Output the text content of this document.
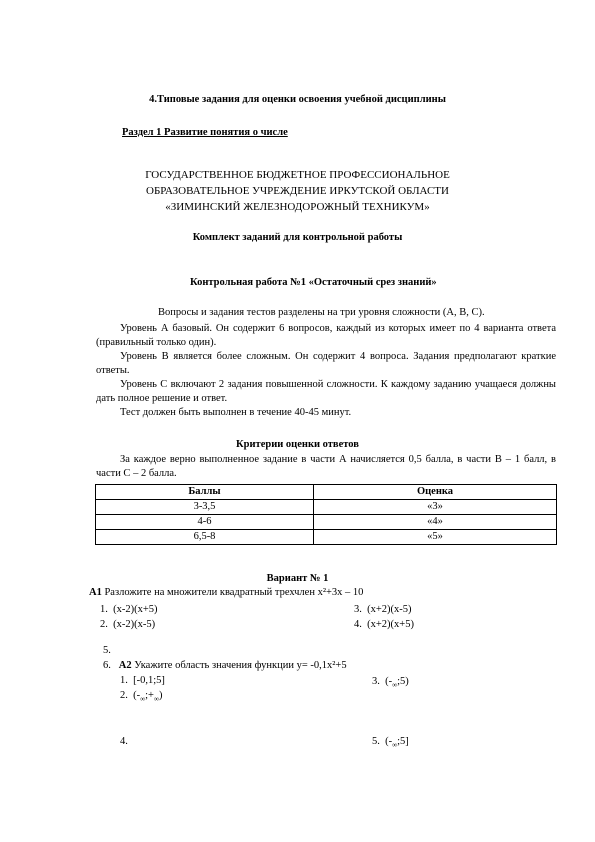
4.Типовые задания для оценки освоения учебной дисциплины
Раздел 1 Развитие понятия о числе
ГОСУДАРСТВЕННОЕ БЮДЖЕТНОЕ ПРОФЕССИОНАЛЬНОЕ
ОБРАЗОВАТЕЛЬНОЕ УЧРЕЖДЕНИЕ ИРКУТСКОЙ ОБЛАСТИ
«ЗИМИНСКИЙ ЖЕЛЕЗНОДОРОЖНЫЙ ТЕХНИКУМ»
Комплект заданий для контрольной работы
Контрольная работа №1 «Остаточный срез знаний»
Вопросы и задания тестов разделены на три уровня сложности (А, В, С).
Уровень А базовый. Он содержит 6 вопросов, каждый из которых имеет по 4 варианта ответа (правильный только один).
Уровень В является более сложным. Он содержит 4 вопроса. Задания предполагают краткие ответы.
Уровень С включают 2 задания повышенной сложности. К каждому заданию учащаеся должны дать полное решение и ответ.
Тест должен быть выполнен в течение 40-45 минут.
Критерии оценки ответов
За каждое верно выполненное задание в части А начисляется 0,5 балла, в части В – 1 балл, в части С – 2 балла.
Баллы	Оценка
3-3,5	«3»
4-6	«4»
6,5-8	«5»
Вариант № 1
А1 Разложите на множители квадратный трехчлен x²+3x – 10
1. (x-2)(x+5)	3. (x+2)(x-5)
2. (x-2)(x-5)	4. (x+2)(x+5)
5.
6. А2 Укажите область значения функции y= -0,1x²+5
1. [-0,1;5]	3. $(-_\infty;5)$
2. $(-_\infty;+_\infty)$
4.	5. $(-_\infty;5]$
